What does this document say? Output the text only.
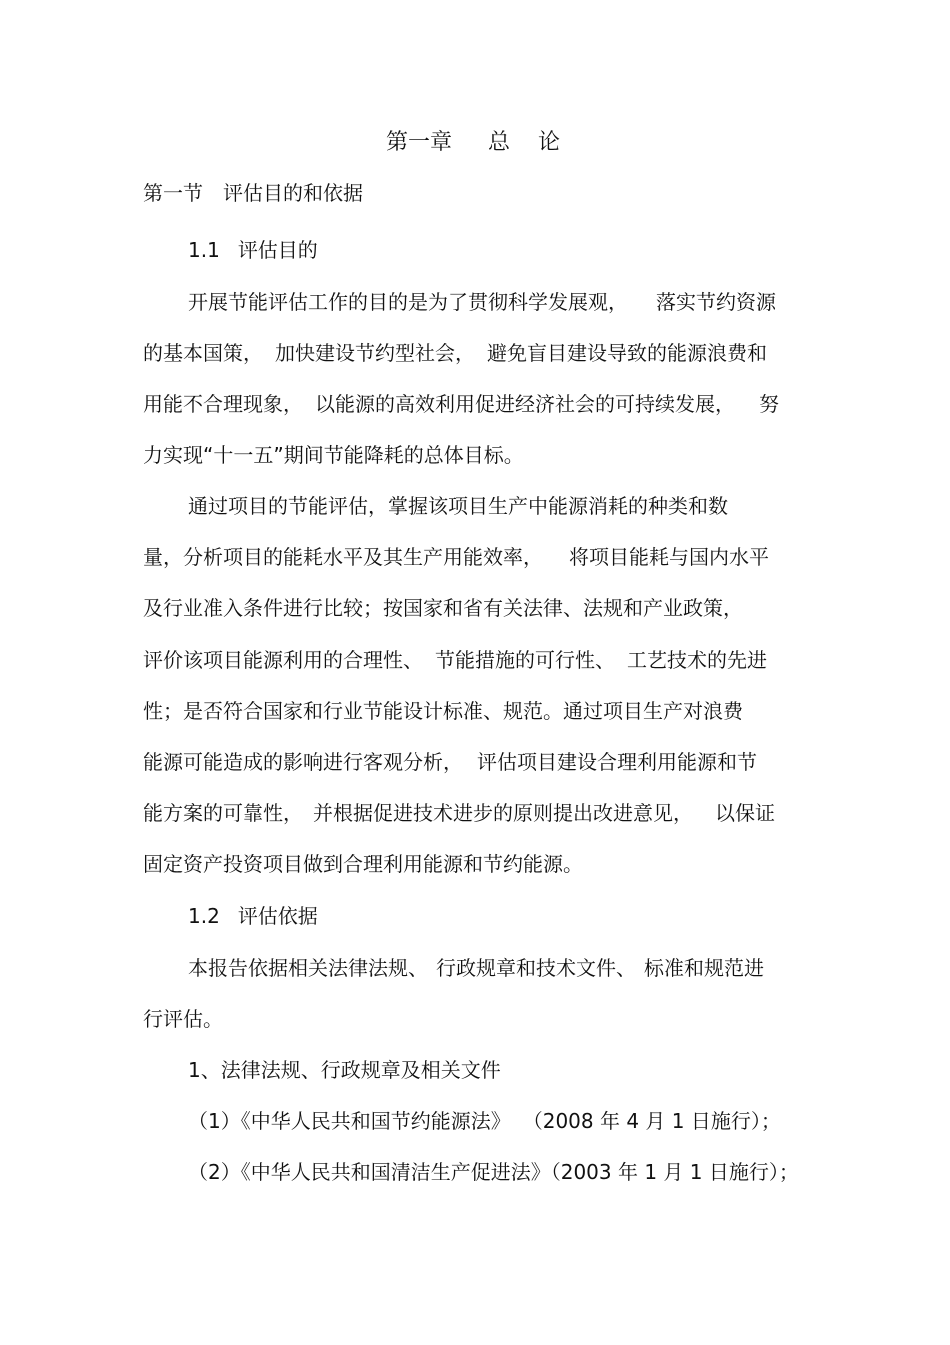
第一章 总 论
第一节 评估目的和依据
1.1 评估目的
开展节能评估工作的目的是为了贯彻科学发展观， 落实节约资源
的基本国策， 加快建设节约型社会， 避免盲目建设导致的能源浪费和
用能不合理现象， 以能源的高效利用促进经济社会的可持续发展， 努
力实现“十一五”期间节能降耗的总体目标。
通过项目的节能评估，掌握该项目生产中能源消耗的种类和数
量，分析项目的能耗水平及其生产用能效率， 将项目能耗与国内水平
及行业准入条件进行比较；按国家和省有关法律、法规和产业政策，
评价该项目能源利用的合理性、 节能措施的可行性、 工艺技术的先进
性；是否符合国家和行业节能设计标准、规范。通过项目生产对浪费
能源可能造成的影响进行客观分析， 评估项目建设合理利用能源和节
能方案的可靠性， 并根据促进技术进步的原则提出改进意见， 以保证
固定资产投资项目做到合理利用能源和节约能源。
1.2 评估依据
本报告依据相关法律法规、 行政规章和技术文件、 标准和规范进
行评估。
1、法律法规、行政规章及相关文件
（1）《中华人民共和国节约能源法》 （2008 年 4 月 1 日施行）；
（2）《中华人民共和国清洁生产促进法》（2003 年 1 月 1 日施行）；
